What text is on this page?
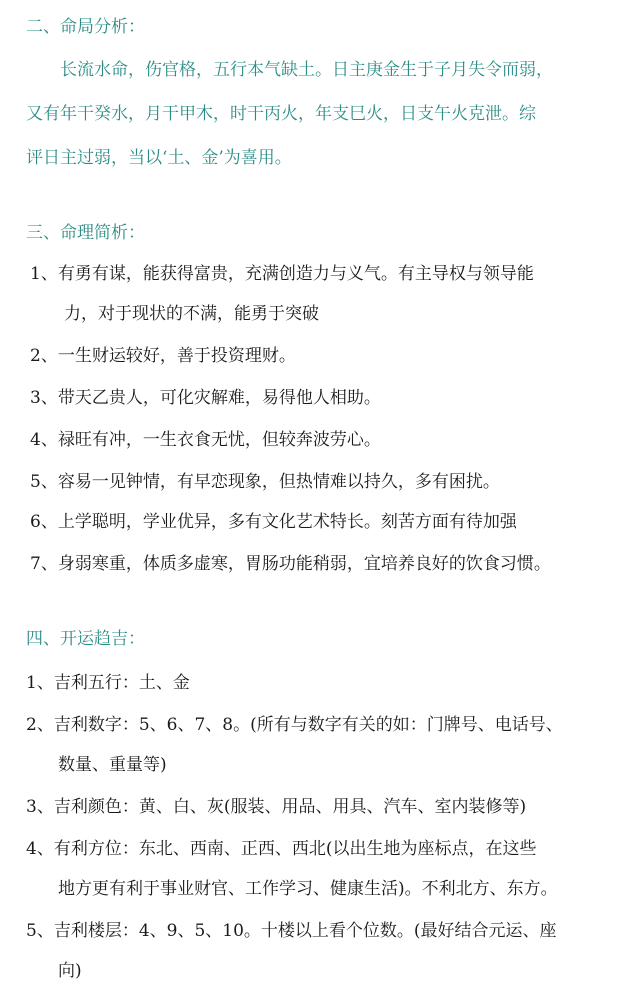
二、命局分析：
长流水命，伤官格，五行本气缺土。日主庚金生于子月失令而弱，
又有年干癸水，月干甲木，时干丙火，年支巳火，日支午火克泄。综
评日主过弱，当以‘土、金’为喜用。
三、命理简析：
1、有勇有谋，能获得富贵，充满创造力与义气。有主导权与领导能
力，对于现状的不满，能勇于突破
2、一生财运较好，善于投资理财。
3、带天乙贵人，可化灾解难，易得他人相助。
4、禄旺有冲，一生衣食无忧，但较奔波劳心。
5、容易一见钟情，有早恋现象，但热情难以持久，多有困扰。
6、上学聪明，学业优异，多有文化艺术特长。刻苦方面有待加强
7、身弱寒重，体质多虚寒，胃肠功能稍弱，宜培养良好的饮食习惯。
四、开运趋吉：
1、吉利五行：土、金
2、吉利数字：5、6、7、8。(所有与数字有关的如：门牌号、电话号、
数量、重量等)
3、吉利颜色：黄、白、灰(服装、用品、用具、汽车、室内装修等)
4、有利方位：东北、西南、正西、西北(以出生地为座标点，在这些
地方更有利于事业财官、工作学习、健康生活)。不利北方、东方。
5、吉利楼层：4、9、5、10。十楼以上看个位数。(最好结合元运、座
向)
